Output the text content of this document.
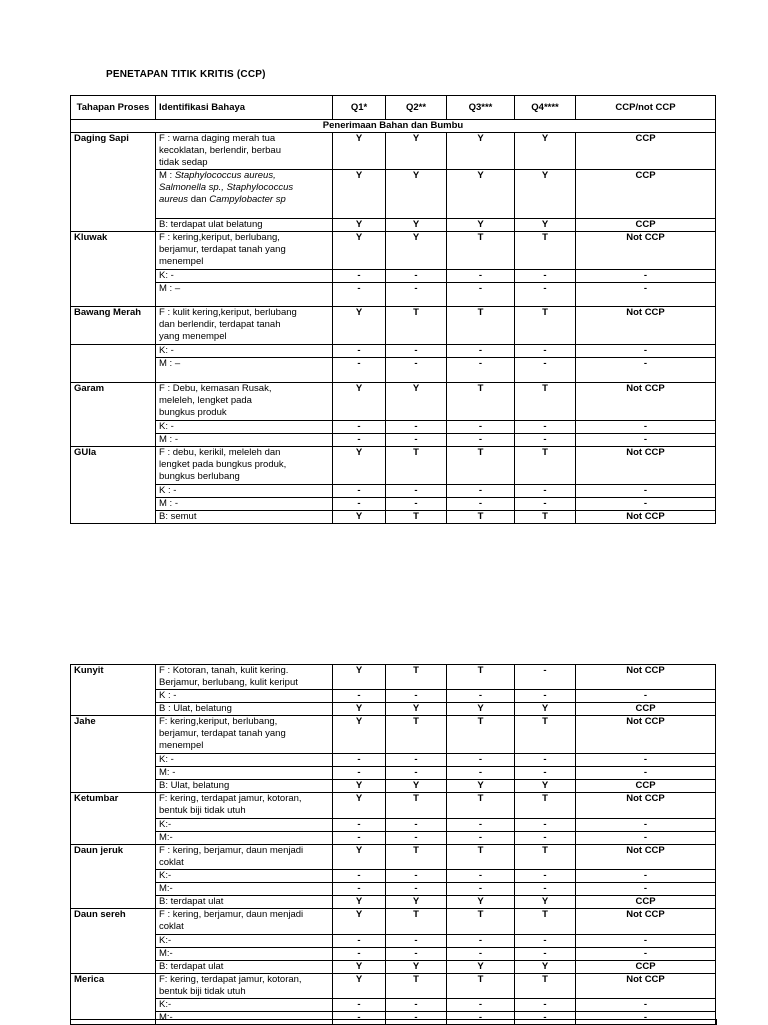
PENETAPAN TITIK KRITIS (CCP)
Tahapan Proses	Identifikasi Bahaya	Q1*	Q2**	Q3***	Q4****	CCP/not CCP
Penerimaan Bahan dan Bumbu						
Daging Sapi	F : warna daging merah tua
kecoklatan, berlendir, berbau
tidak sedap	Y	Y	Y	Y	CCP
	M : Staphylococcus aureus,
Salmonella sp., Staphylococcus
aureus dan Campylobacter sp	Y	Y	Y	Y	CCP
	B: terdapat ulat belatung	Y	Y	Y	Y	CCP
Kluwak	F : kering,keriput, berlubang,
berjamur, terdapat tanah yang
menempel	Y	Y	T	T	Not CCP
	K: -	-	-	-	-	-
	M : –	-	-	-	-	-
Bawang Merah	F : kulit kering,keriput, berlubang
dan berlendir, terdapat tanah
yang menempel	Y	T	T	T	Not CCP
	K: -	-	-	-	-	-
	M : –	-	-	-	-	-
Garam	F : Debu, kemasan Rusak,
meleleh, lengket pada
bungkus produk	Y	Y	T	T	Not CCP
	K: -	-	-	-	-	-
	M : -	-	-	-	-	-
GUla	F : debu, kerikil, meleleh dan
lengket pada bungkus produk,
bungkus berlubang	Y	T	T	T	Not CCP
	K : -	-	-	-	-	-
	M : -	-	-	-	-	-
	B: semut	Y	T	T	T	Not CCP
Kunyit	F : Kotoran, tanah, kulit kering.
Berjamur, berlubang, kulit keriput	Y	T	T	-	Not CCP
	K : -	-	-	-	-	-
	B : Ulat, belatung	Y	Y	Y	Y	CCP
Jahe	F: kering,keriput, berlubang,
berjamur, terdapat tanah yang
menempel	Y	T	T	T	Not CCP
	K: -	-	-	-	-	-
	M: -	-	-	-	-	-
	B: Ulat, belatung	Y	Y	Y	Y	CCP
Ketumbar	F: kering, terdapat jamur, kotoran,
bentuk biji tidak utuh	Y	T	T	T	Not CCP
	K:-	-	-	-	-	-
	M:-	-	-	-	-	-
Daun jeruk	F : kering, berjamur, daun menjadi
coklat	Y	T	T	T	Not CCP
	K:-	-	-	-	-	-
	M:-	-	-	-	-	-
	B: terdapat ulat	Y	Y	Y	Y	CCP
Daun sereh	F : kering, berjamur, daun menjadi
coklat	Y	T	T	T	Not CCP
	K:-	-	-	-	-	-
	M:-	-	-	-	-	-
	B: terdapat ulat	Y	Y	Y	Y	CCP
Merica	F: kering, terdapat jamur, kotoran,
bentuk biji tidak utuh	Y	T	T	T	Not CCP
	K:-	-	-	-	-	-
	M:-	-	-	-	-	-
